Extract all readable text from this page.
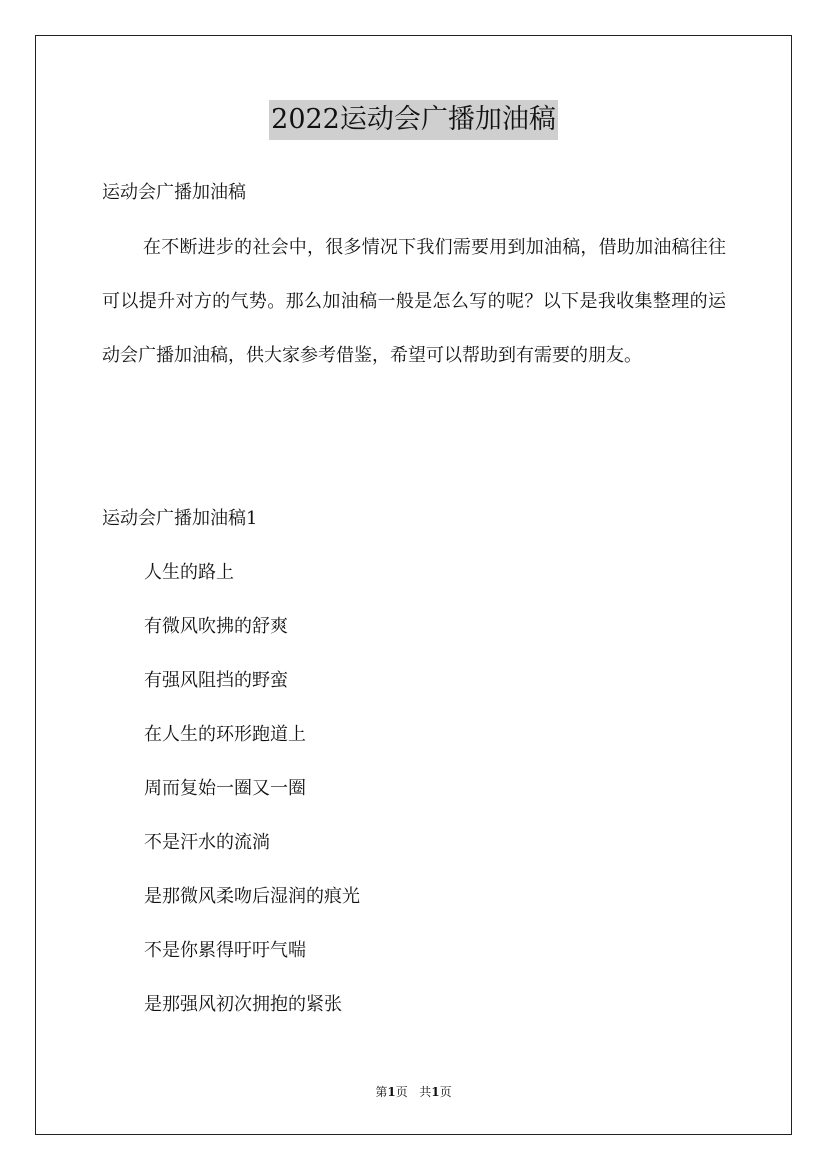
2022运动会广播加油稿
运动会广播加油稿

在不断进步的社会中，很多情况下我们需要用到加油稿，借助加油稿往往可以提升对方的气势。那么加油稿一般是怎么写的呢？以下是我收集整理的运动会广播加油稿，供大家参考借鉴，希望可以帮助到有需要的朋友。

运动会广播加油稿1
人生的路上
有微风吹拂的舒爽
有强风阻挡的野蛮
在人生的环形跑道上
周而复始一圈又一圈
不是汗水的流淌
是那微风柔吻后湿润的痕光
不是你累得吁吁气喘
是那强风初次拥抱的紧张
第1页 共1页
